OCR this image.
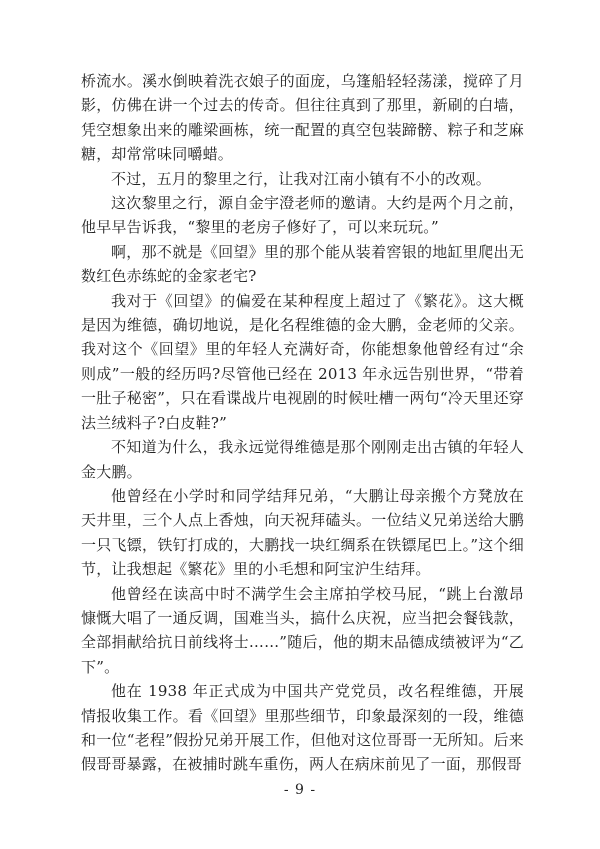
桥流水。溪水倒映着洗衣娘子的面庞，乌篷船轻轻荡漾，搅碎了月影，仿佛在讲一个过去的传奇。但往往真到了那里，新刷的白墙，凭空想象出来的雕梁画栋，统一配置的真空包装蹄髈、粽子和芝麻糖，却常常味同嚼蜡。

不过，五月的黎里之行，让我对江南小镇有不小的改观。

这次黎里之行，源自金宇澄老师的邀请。大约是两个月之前，他早早告诉我，“黎里的老房子修好了，可以来玩玩。”

啊，那不就是《回望》里的那个能从装着窖银的地缸里爬出无数红色赤练蛇的金家老宅?

我对于《回望》的偏爱在某种程度上超过了《繁花》。这大概是因为维德，确切地说，是化名程维德的金大鹏，金老师的父亲。我对这个《回望》里的年轻人充满好奇，你能想象他曾经有过“余则成”一般的经历吗?尽管他已经在 2013 年永远告别世界，“带着一肚子秘密”，只在看谍战片电视剧的时候吐槽一两句“冷天里还穿法兰绒料子?白皮鞋?”

不知道为什么，我永远觉得维德是那个刚刚走出古镇的年轻人金大鹏。

他曾经在小学时和同学结拜兄弟，“大鹏让母亲搬个方凳放在天井里，三个人点上香烛，向天祝拜磕头。一位结义兄弟送给大鹏一只飞镖，铁钉打成的，大鹏找一块红绸系在铁镖尾巴上。”这个细节，让我想起《繁花》里的小毛想和阿宝沪生结拜。

他曾经在读高中时不满学生会主席拍学校马屁，“跳上台激昂慷慨大唱了一通反调，国难当头，搞什么庆祝，应当把会餐钱款，全部捐献给抗日前线将士……”随后，他的期末品德成绩被评为“乙下”。

他在 1938 年正式成为中国共产党党员，改名程维德，开展情报收集工作。看《回望》里那些细节，印象最深刻的一段，维德和一位“老程”假扮兄弟开展工作，但他对这位哥哥一无所知。后来假哥哥暴露，在被捕时跳车重伤，两人在病床前见了一面，那假哥

- 9 -
